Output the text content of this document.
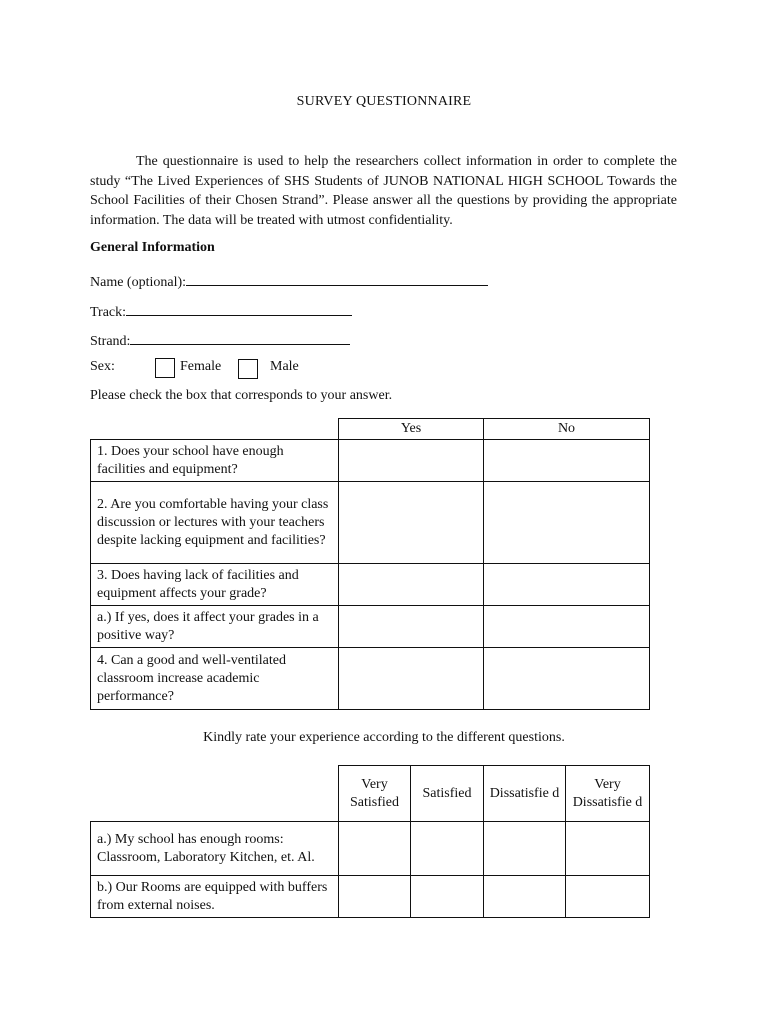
SURVEY QUESTIONNAIRE

The questionnaire is used to help the researchers collect information in order to complete the study “The Lived Experiences of SHS Students of JUNOB NATIONAL HIGH SCHOOL Towards the School Facilities of their Chosen Strand”. Please answer all the questions by providing the appropriate information. The data will be treated with utmost confidentiality.

General Information
Name (optional):
Track:
Strand:
Sex:	Female	Male
Please check the box that corresponds to your answer.
	Yes	No
1. Does your school have enough facilities and equipment?		
2. Are you comfortable having your class discussion or lectures with your teachers despite lacking equipment and facilities?		
3. Does having lack of facilities and equipment affects your grade?		
a.) If yes, does it affect your grades in a positive way?		
4. Can a good and well-ventilated classroom increase academic performance?		
Kindly rate your experience according to the different questions.
	Very Satisfied	Satisfied	Dissatisfie d	Very Dissatisfie d
a.) My school has enough rooms: Classroom, Laboratory Kitchen, et. Al.				
b.) Our Rooms are equipped with buffers from external noises.				
